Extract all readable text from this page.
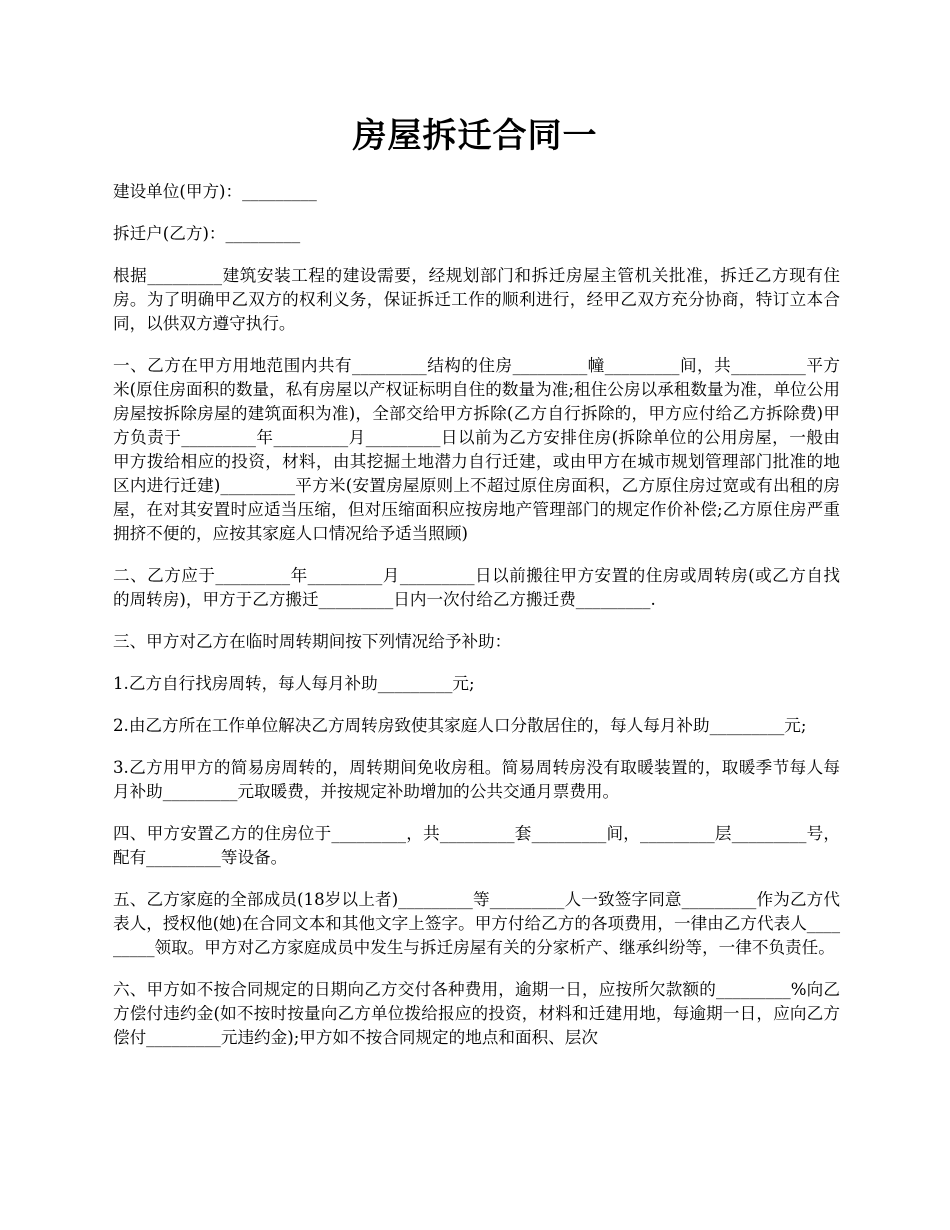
房屋拆迁合同一

建设单位(甲方)：_________

拆迁户(乙方)：_________

根据_________建筑安装工程的建设需要，经规划部门和拆迁房屋主管机关批准，拆迁乙方现有住房。为了明确甲乙双方的权利义务，保证拆迁工作的顺利进行，经甲乙双方充分协商，特订立本合同，以供双方遵守执行。

一、乙方在甲方用地范围内共有_________结构的住房_________幢_________间，共_________平方米(原住房面积的数量，私有房屋以产权证标明自住的数量为准;租住公房以承租数量为准，单位公用房屋按拆除房屋的建筑面积为准)，全部交给甲方拆除(乙方自行拆除的，甲方应付给乙方拆除费)甲方负责于_________年_________月_________日以前为乙方安排住房(拆除单位的公用房屋，一般由甲方拨给相应的投资，材料，由其挖掘土地潜力自行迁建，或由甲方在城市规划管理部门批准的地区内进行迁建)_________平方米(安置房屋原则上不超过原住房面积，乙方原住房过宽或有出租的房屋，在对其安置时应适当压缩，但对压缩面积应按房地产管理部门的规定作价补偿;乙方原住房严重拥挤不便的，应按其家庭人口情况给予适当照顾)

二、乙方应于_________年_________月_________日以前搬往甲方安置的住房或周转房(或乙方自找的周转房)，甲方于乙方搬迁_________日内一次付给乙方搬迁费_________.

三、甲方对乙方在临时周转期间按下列情况给予补助：

1.乙方自行找房周转，每人每月补助_________元;

2.由乙方所在工作单位解决乙方周转房致使其家庭人口分散居住的，每人每月补助_________元;

3.乙方用甲方的简易房周转的，周转期间免收房租。简易周转房没有取暖装置的，取暖季节每人每月补助_________元取暖费，并按规定补助增加的公共交通月票费用。

四、甲方安置乙方的住房位于_________，共_________套_________间，_________层_________号，配有_________等设备。

五、乙方家庭的全部成员(18岁以上者)_________等_________人一致签字同意_________作为乙方代表人，授权他(她)在合同文本和其他文字上签字。甲方付给乙方的各项费用，一律由乙方代表人_________领取。甲方对乙方家庭成员中发生与拆迁房屋有关的分家析产、继承纠纷等，一律不负责任。

六、甲方如不按合同规定的日期向乙方交付各种费用，逾期一日，应按所欠款额的_________%向乙方偿付违约金(如不按时按量向乙方单位拨给报应的投资，材料和迁建用地，每逾期一日，应向乙方偿付_________元违约金);甲方如不按合同规定的地点和面积、层次
